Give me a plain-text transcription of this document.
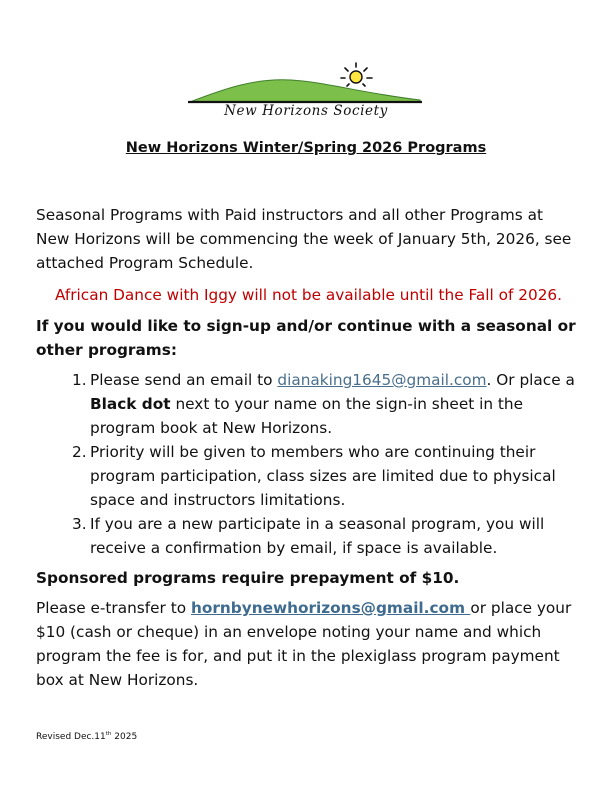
New Horizons Society
New Horizons Winter/Spring 2026 Programs
Seasonal Programs with Paid instructors and all other Programs at New Horizons will be commencing the week of January 5th, 2026, see attached Program Schedule.
African Dance with Iggy will not be available until the Fall of 2026.
If you would like to sign-up and/or continue with a seasonal or other programs:
1. Please send an email to dianaking1645@gmail.com. Or place a Black dot next to your name on the sign-in sheet in the program book at New Horizons.
2. Priority will be given to members who are continuing their program participation, class sizes are limited due to physical space and instructors limitations.
3. If you are a new participate in a seasonal program, you will receive a confirmation by email, if space is available.
Sponsored programs require prepayment of $10.
Please e-transfer to hornbynewhorizons@gmail.com or place your $10 (cash or cheque) in an envelope noting your name and which program the fee is for, and put it in the plexiglass program payment box at New Horizons.
Revised Dec.11th 2025
